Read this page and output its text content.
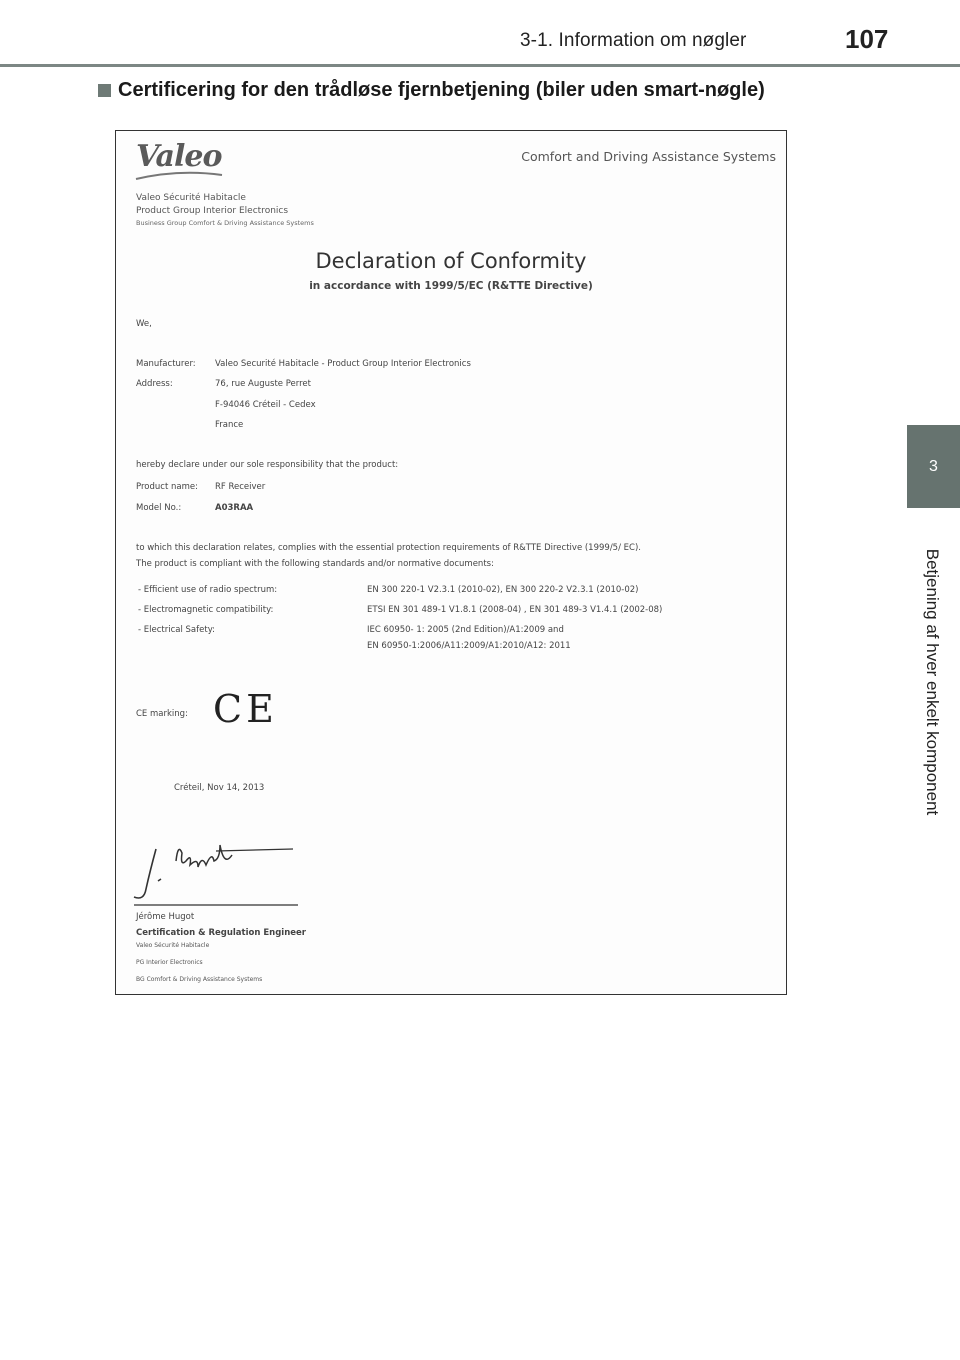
3-1. Information om nøgler	107
3
Betjening af hver enkelt komponent
Certificering for den trådløse fjernbetjening (biler uden smart-nøgle)
Valeo	Comfort and Driving Assistance Systems
Valeo Sécurité Habitacle
Product Group Interior Electronics
Business Group Comfort & Driving Assistance Systems
Declaration of Conformity
in accordance with 1999/5/EC (R&TTE Directive)
We,
Manufacturer: Valeo Securité Habitacle - Product Group Interior Electronics
Address:	76, rue Auguste Perret
F-94046 Créteil - Cedex
France
hereby declare under our sole responsibility that the product:
Product name: RF Receiver
Model No.:	A03RAA
to which this declaration relates, complies with the essential protection requirements of R&TTE Directive (1999/5/ EC).
The product is compliant with the following standards and/or normative documents:
- Efficient use of radio spectrum:	EN 300 220-1 V2.3.1 (2010-02), EN 300 220-2 V2.3.1 (2010-02)
- Electromagnetic compatibility:	ETSI EN 301 489-1 V1.8.1 (2008-04) , EN 301 489-3 V1.4.1 (2002-08)
- Electrical Safety:	IEC 60950- 1: 2005 (2nd Edition)/A1:2009 and
EN 60950-1:2006/A11:2009/A1:2010/A12: 2011
CE marking: CE
Créteil, Nov 14, 2013
Jérôme Hugot
Certification & Regulation Engineer
Valeo Sécurité Habitacle
PG Interior Electronics
BG Comfort & Driving Assistance Systems
